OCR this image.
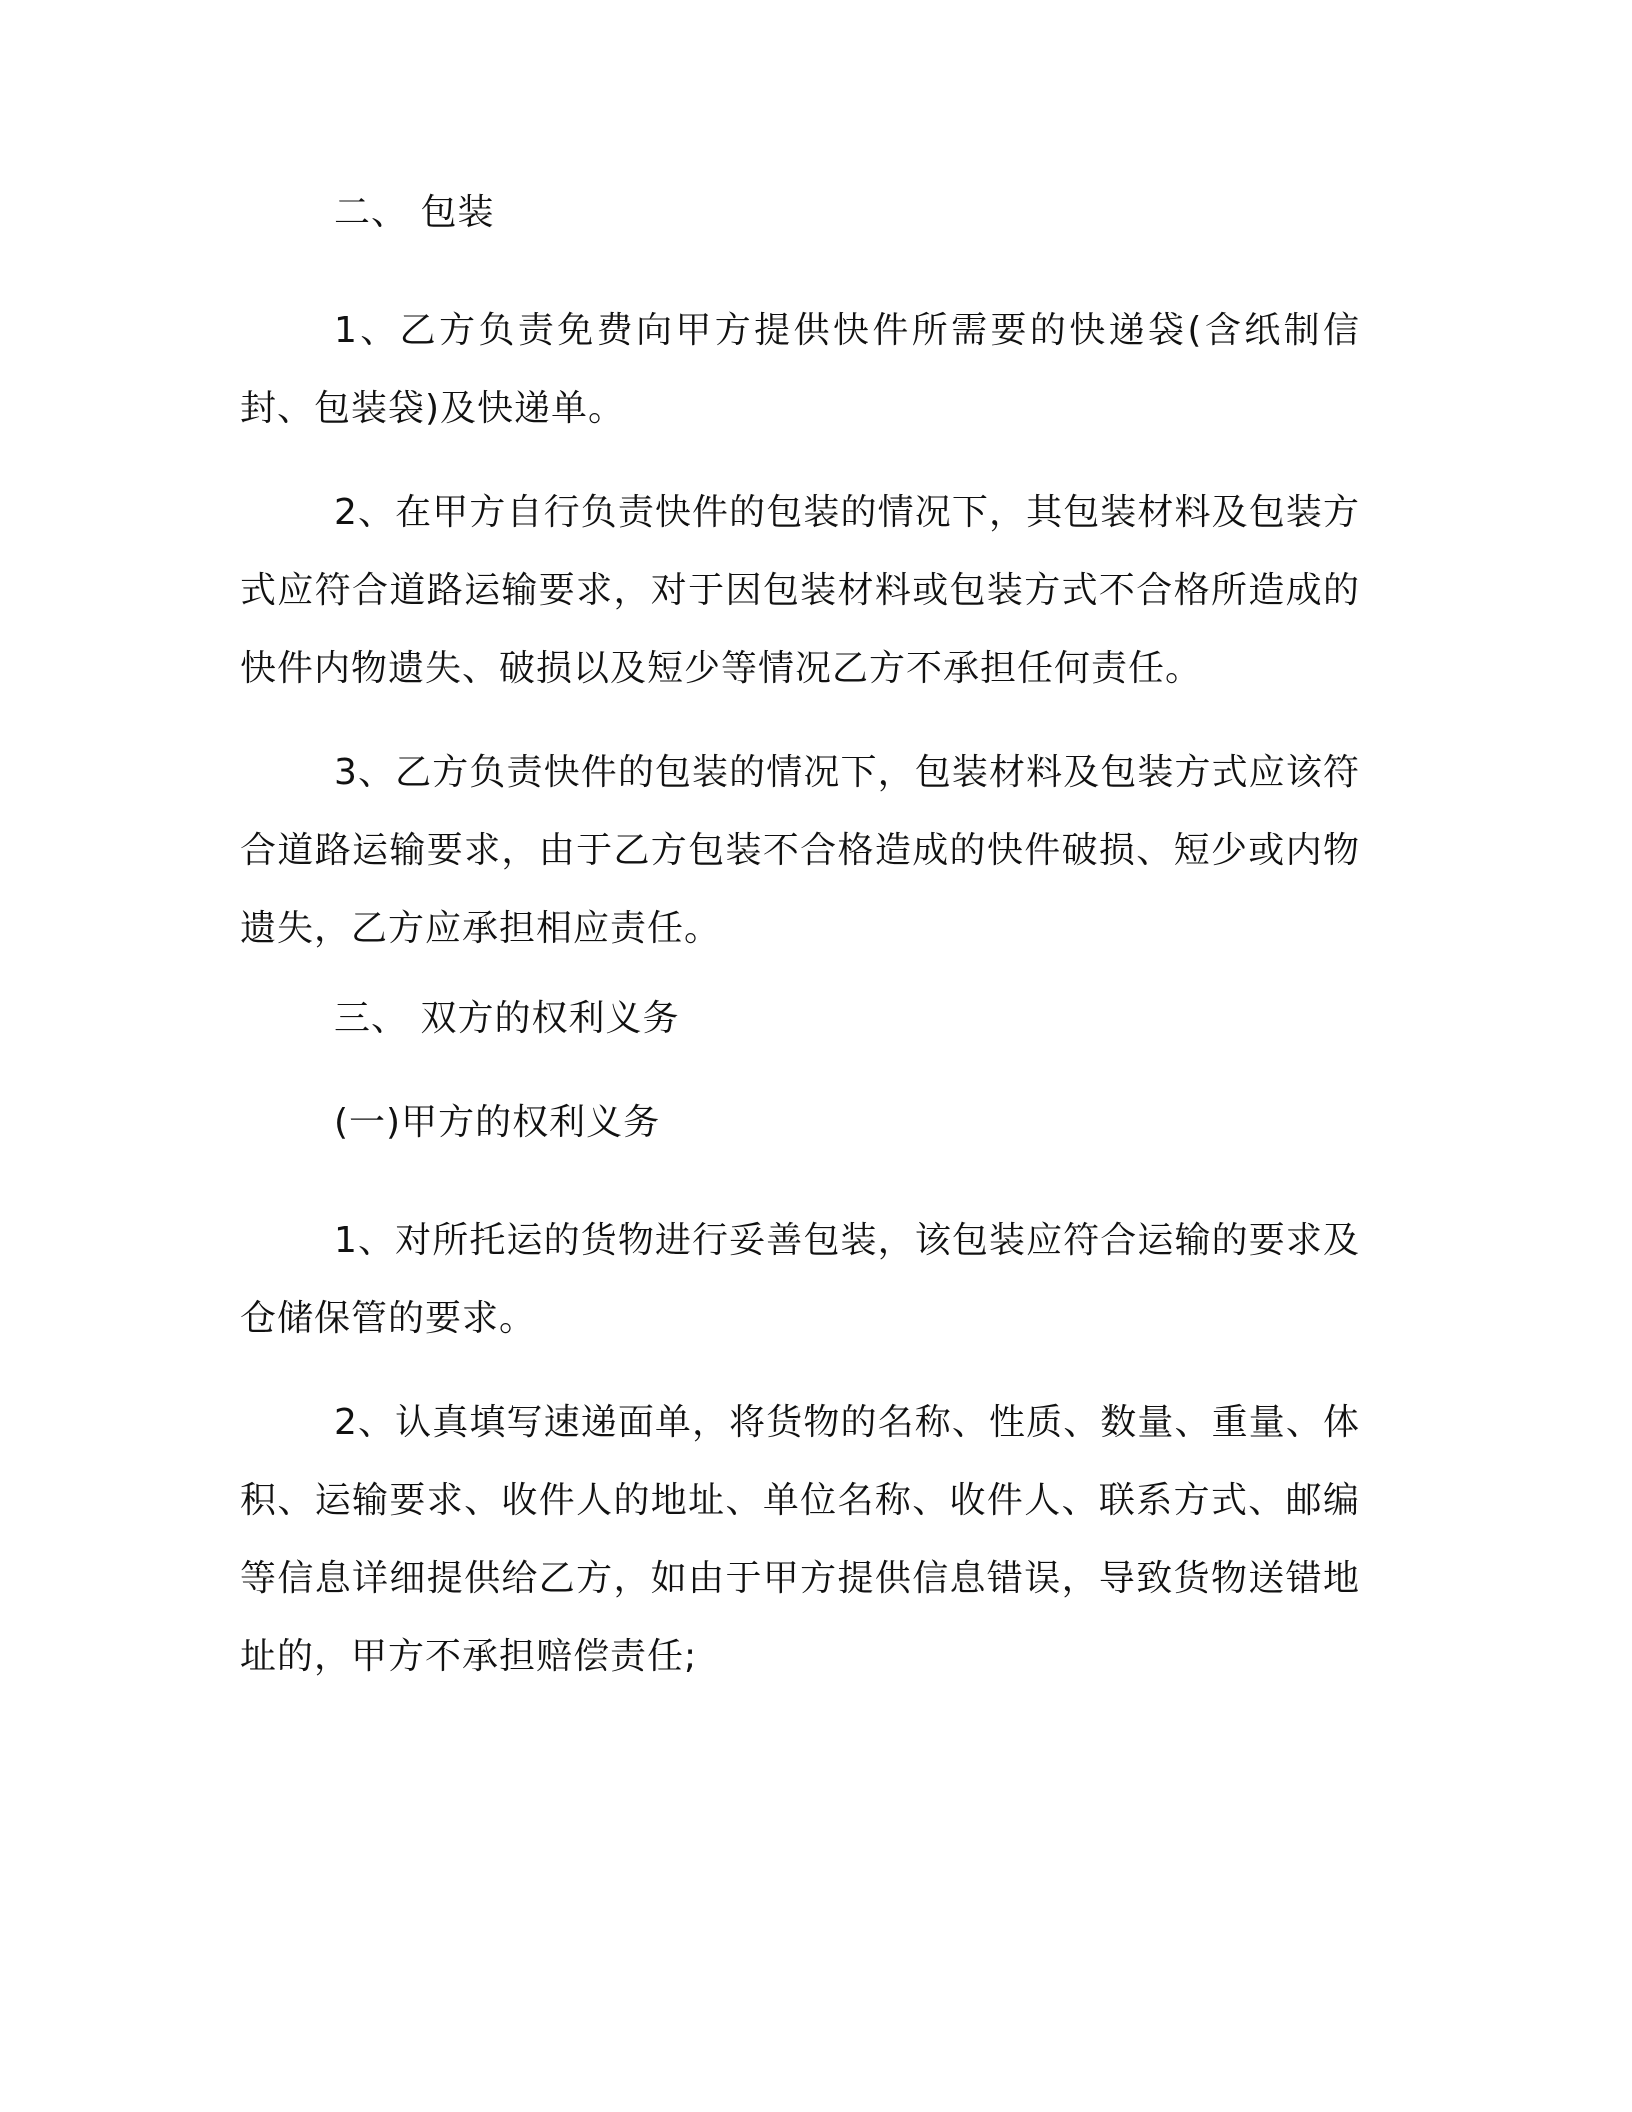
二、 包装

1、乙方负责免费向甲方提供快件所需要的快递袋(含纸制信封、包装袋)及快递单。

2、在甲方自行负责快件的包装的情况下，其包装材料及包装方式应符合道路运输要求，对于因包装材料或包装方式不合格所造成的快件内物遗失、破损以及短少等情况乙方不承担任何责任。

3、乙方负责快件的包装的情况下，包装材料及包装方式应该符合道路运输要求，由于乙方包装不合格造成的快件破损、短少或内物遗失，乙方应承担相应责任。

三、 双方的权利义务
(一)甲方的权利义务

1、对所托运的货物进行妥善包装，该包装应符合运输的要求及仓储保管的要求。

2、认真填写速递面单，将货物的名称、性质、数量、重量、体积、运输要求、收件人的地址、单位名称、收件人、联系方式、邮编等信息详细提供给乙方，如由于甲方提供信息错误，导致货物送错地址的，甲方不承担赔偿责任;
